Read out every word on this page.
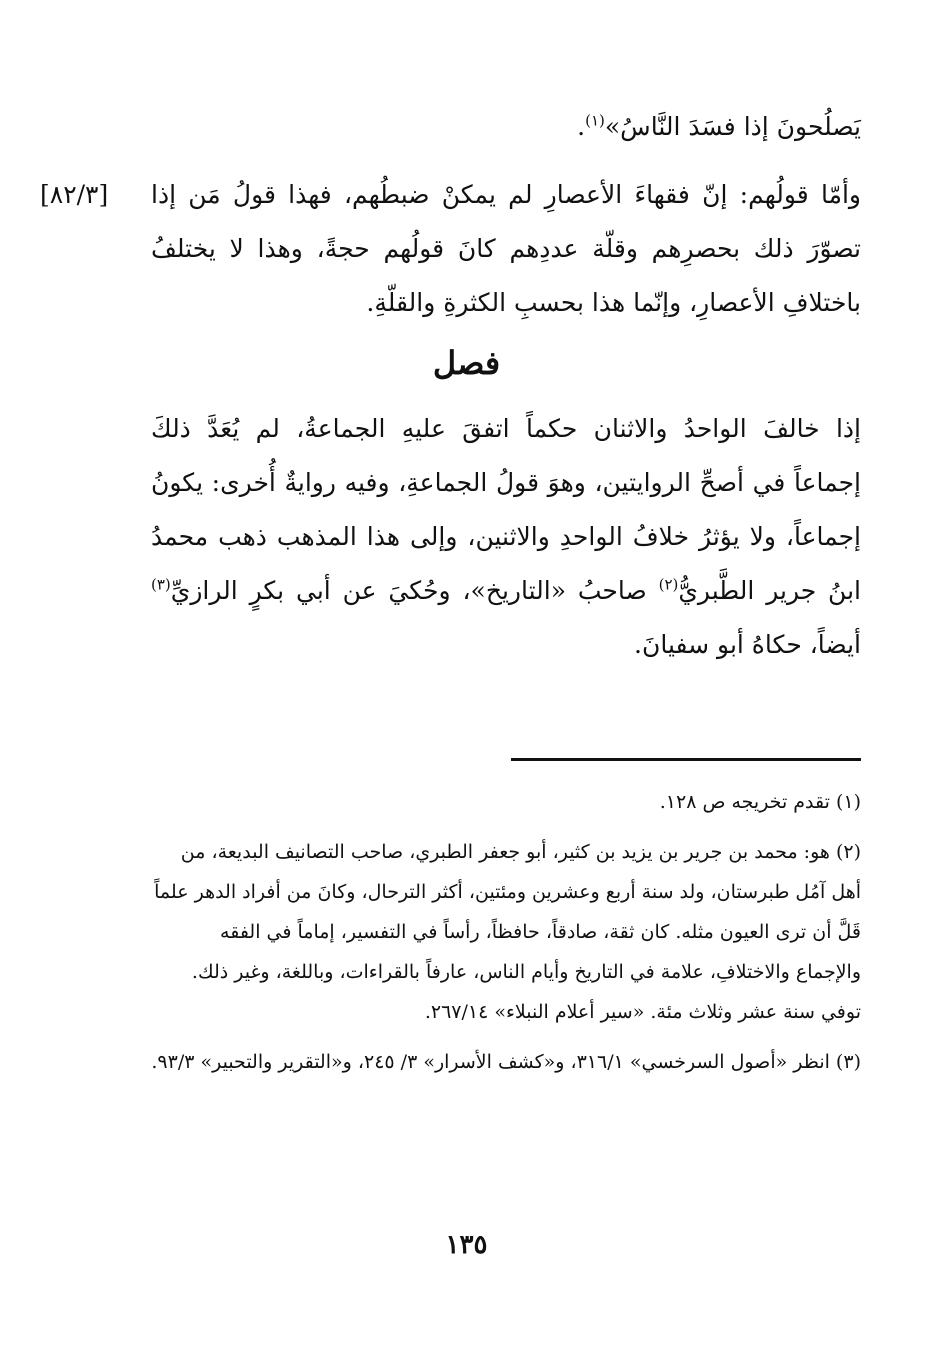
يَصلُحونَ إذا فسَدَ النَّاسُ»$^{(١)}$.
[٨٢/٣] وأمّا قولُهم: إنّ فقهاءَ الأعصارِ لم يمكنْ ضبطُهم، فهذا قولُ مَن إذا
تصوّرَ ذلك بحصرِهم وقلّة عددِهم كانَ قولُهم حجةً، وهذا لا يختلفُ
باختلافِ الأعصارِ، وإنّما هذا بحسبِ الكثرةِ والقلّةِ.
فصل
إذا خالفَ الواحدُ والاثنان حكماً اتفقَ عليهِ الجماعةُ، لم يُعَدَّ ذلكَ
إجماعاً في أصحِّ الروايتين، وهوَ قولُ الجماعةِ، وفيه روايةٌ أُخرى: يكونُ
إجماعاً، ولا يؤثرُ خلافُ الواحدِ والاثنين، وإلى هذا المذهب ذهب محمدُ
ابنُ جرير الطَّبريُّ$^{(٢)}$ صاحبُ «التاريخ»، وحُكيَ عن أبي بكرٍ الرازيِّ$^{(٣)}$
أيضاً، حكاهُ أبو سفيانَ.

(١) تقدم تخريجه ص ١٢٨.

(٢) هو: محمد بن جرير بن يزيد بن كثير، أبو جعفر الطبري، صاحب التصانيف البديعة، من أهل آمُل طبرستان، ولد سنة أربع وعشرين ومئتين، أكثر الترحال، وكانَ من أفراد الدهر علماً قَلَّ أن ترى العيون مثله. كان ثقة، صادقاً، حافظاً، رأساً في التفسير، إماماً في الفقه والإجماع والاختلافِ، علامة في التاريخ وأيام الناس، عارفاً بالقراءات، وباللغة، وغير ذلك. توفي سنة عشر وثلاث مئة. «سير أعلام النبلاء» ٢٦٧/١٤.

(٣) انظر «أصول السرخسي» ٣١٦/١، و«كشف الأسرار» ٣/ ٢٤٥، و«التقرير والتحبير» ٩٣/٣.

١٣٥
